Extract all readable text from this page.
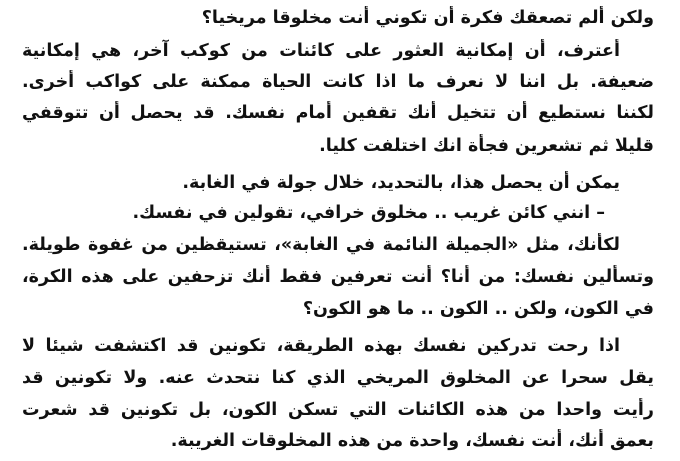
ولكن ألم تصعقك فكرة أن تكوني أنت مخلوقا مريخيا؟
أعترف، أن إمكانية العثور على كائنات من كوكب آخر، هي إمكانية
ضعيفة. بل اننا لا نعرف ما اذا كانت الحياة ممكنة على كواكب أخرى.
لكننا نستطيع أن تتخيل أنك تقفين أمام نفسك. قد يحصل أن تتوقفي
قليلا ثم تشعرين فجأة انك اختلفت كليا.
يمكن أن يحصل هذا، بالتحديد، خلال جولة في الغابة.
– انني كائن غريب .. مخلوق خرافي، تقولين في نفسك.
لكأنك، مثل «الجميلة النائمة في الغابة»، تستيقظين من غفوة طويلة.
وتسألين نفسك: من أنا؟ أنت تعرفين فقط أنك تزحفين على هذه الكرة،
في الكون، ولكن .. الكون .. ما هو الكون؟
اذا رحت تدركين نفسك بهذه الطريقة، تكونين قد اكتشفت شيئا لا
يقل سحرا عن المخلوق المريخي الذي كنا نتحدث عنه. ولا تكونين قد
رأيت واحدا من هذه الكائنات التي تسكن الكون، بل تكونين قد شعرت
بعمق أنك، أنت نفسك، واحدة من هذه المخلوقات الغريبة.
